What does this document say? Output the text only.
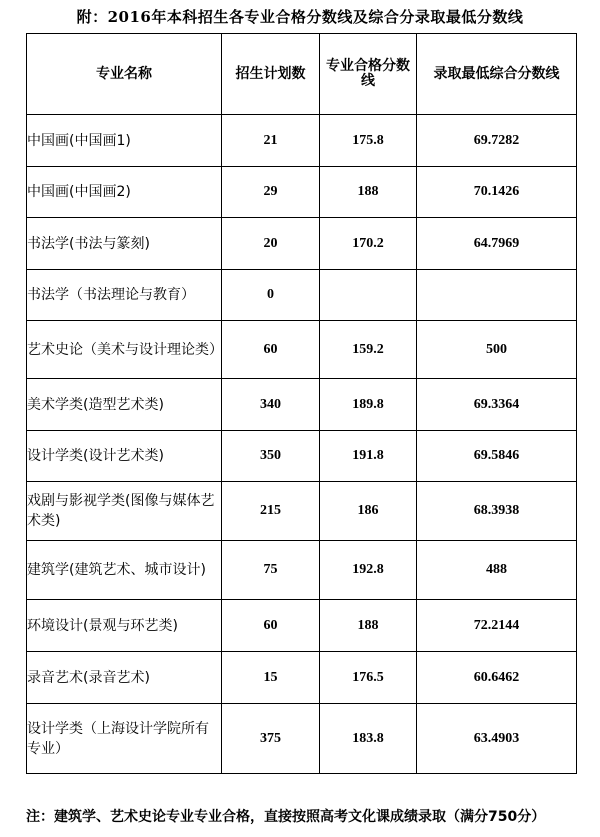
附：2016年本科招生各专业合格分数线及综合分录取最低分数线
专业名称	招生计划数	专业合格分数线	录取最低综合分数线
中国画(中国画1)	21	175.8	69.7282
中国画(中国画2)	29	188	70.1426
书法学(书法与篆刻)	20	170.2	64.7969
书法学（书法理论与教育）	0		
艺术史论（美术与设计理论类）	60	159.2	500
美术学类(造型艺术类)	340	189.8	69.3364
设计学类(设计艺术类)	350	191.8	69.5846
戏剧与影视学类(图像与媒体艺术类)	215	186	68.3938
建筑学(建筑艺术、城市设计)	75	192.8	488
环境设计(景观与环艺类)	60	188	72.2144
录音艺术(录音艺术)	15	176.5	60.6462
设计学类（上海设计学院所有专业）	375	183.8	63.4903
注：建筑学、艺术史论专业专业合格，直接按照高考文化课成绩录取（满分750分）
